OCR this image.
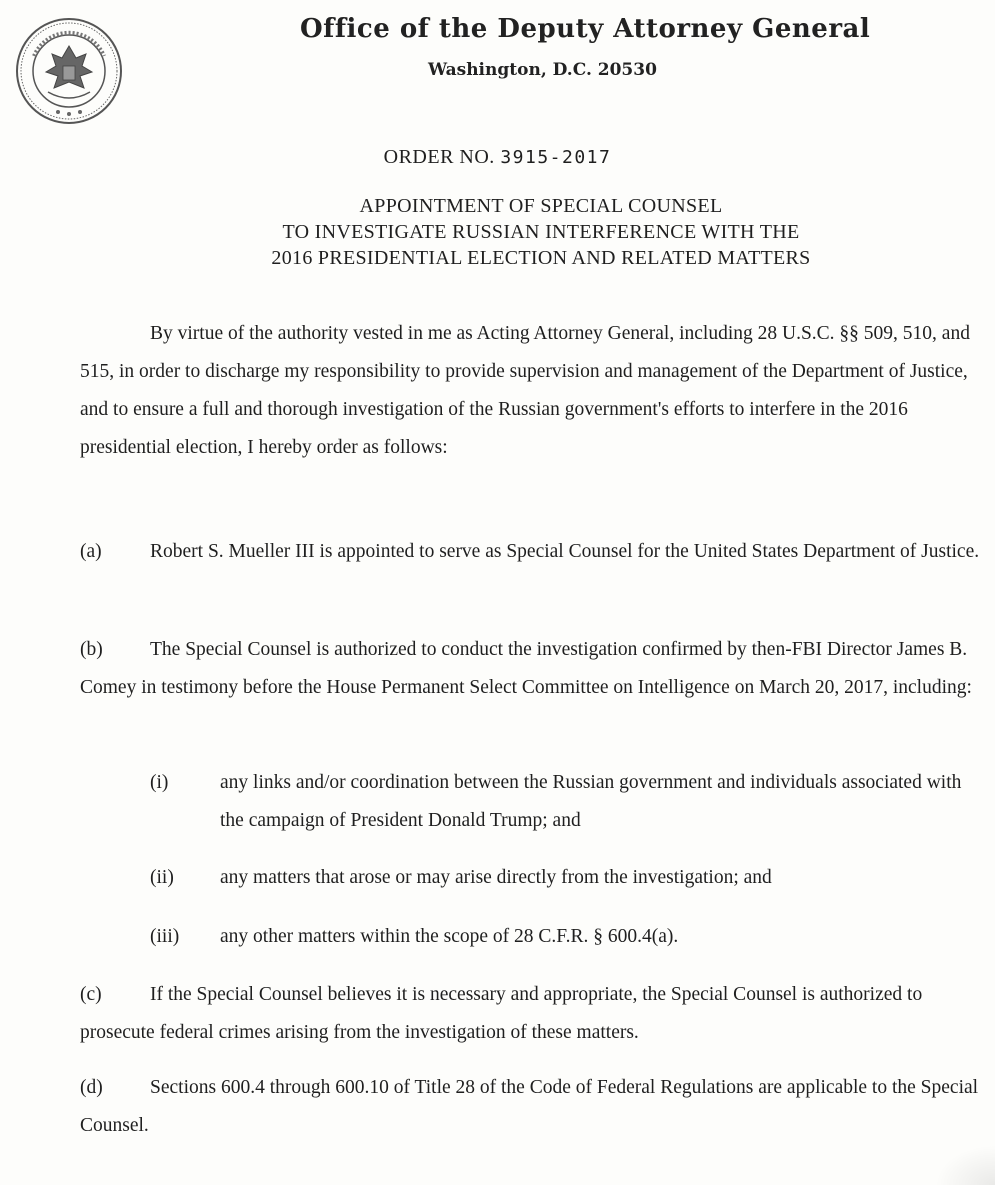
Office of the Deputy Attorney General
Washington, D.C. 20530
ORDER NO. 3915-2017
APPOINTMENT OF SPECIAL COUNSEL
TO INVESTIGATE RUSSIAN INTERFERENCE WITH THE
2016 PRESIDENTIAL ELECTION AND RELATED MATTERS
By virtue of the authority vested in me as Acting Attorney General, including 28 U.S.C. §§ 509, 510, and 515, in order to discharge my responsibility to provide supervision and management of the Department of Justice, and to ensure a full and thorough investigation of the Russian government's efforts to interfere in the 2016 presidential election, I hereby order as follows:
(a) Robert S. Mueller III is appointed to serve as Special Counsel for the United States Department of Justice.
(b) The Special Counsel is authorized to conduct the investigation confirmed by then-FBI Director James B. Comey in testimony before the House Permanent Select Committee on Intelligence on March 20, 2017, including:
(i)	any links and/or coordination between the Russian government and individuals associated with the campaign of President Donald Trump; and
(ii) any matters that arose or may arise directly from the investigation; and
(iii) any other matters within the scope of 28 C.F.R. § 600.4(a).
(c) If the Special Counsel believes it is necessary and appropriate, the Special Counsel is authorized to prosecute federal crimes arising from the investigation of these matters.
(d) Sections 600.4 through 600.10 of Title 28 of the Code of Federal Regulations are applicable to the Special Counsel.
